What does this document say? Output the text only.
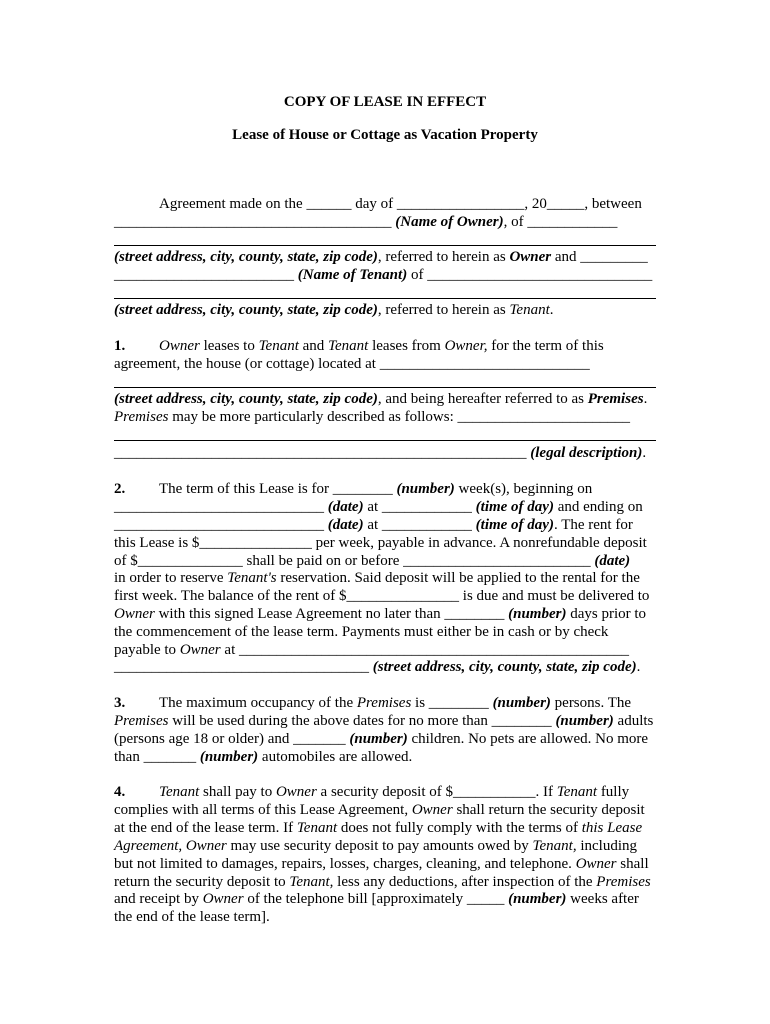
COPY OF LEASE IN EFFECT
Lease of House or Cottage as Vacation Property
Agreement made on the ______ day of _________________, 20_____, between
_____________________________________ (Name of Owner), of ____________
(street address, city, county, state, zip code), referred to herein as Owner and _________
________________________ (Name of Tenant) of ______________________________
(street address, city, county, state, zip code), referred to herein as Tenant.
1. Owner leases to Tenant and Tenant leases from Owner, for the term of this
agreement, the house (or cottage) located at ____________________________
(street address, city, county, state, zip code), and being hereafter referred to as Premises.
Premises may be more particularly described as follows: _______________________
_______________________________________________________ (legal description).
2. The term of this Lease is for ________ (number) week(s), beginning on
____________________________ (date) at ____________ (time of day) and ending on
____________________________ (date) at ____________ (time of day). The rent for
this Lease is $_______________ per week, payable in advance. A nonrefundable deposit
of $______________ shall be paid on or before _________________________ (date)
in order to reserve Tenant's reservation. Said deposit will be applied to the rental for the
first week. The balance of the rent of $_______________ is due and must be delivered to
Owner with this signed Lease Agreement no later than ________ (number) days prior to
the commencement of the lease term. Payments must either be in cash or by check
payable to Owner at ____________________________________________________
__________________________________ (street address, city, county, state, zip code).
3. The maximum occupancy of the Premises is ________ (number) persons. The
Premises will be used during the above dates for no more than ________ (number) adults
(persons age 18 or older) and _______ (number) children. No pets are allowed. No more
than _______ (number) automobiles are allowed.
4. Tenant shall pay to Owner a security deposit of $___________. If Tenant fully
complies with all terms of this Lease Agreement, Owner shall return the security deposit
at the end of the lease term. If Tenant does not fully comply with the terms of this Lease
Agreement, Owner may use security deposit to pay amounts owed by Tenant, including
but not limited to damages, repairs, losses, charges, cleaning, and telephone. Owner shall
return the security deposit to Tenant, less any deductions, after inspection of the Premises
and receipt by Owner of the telephone bill [approximately _____ (number) weeks after
the end of the lease term].
